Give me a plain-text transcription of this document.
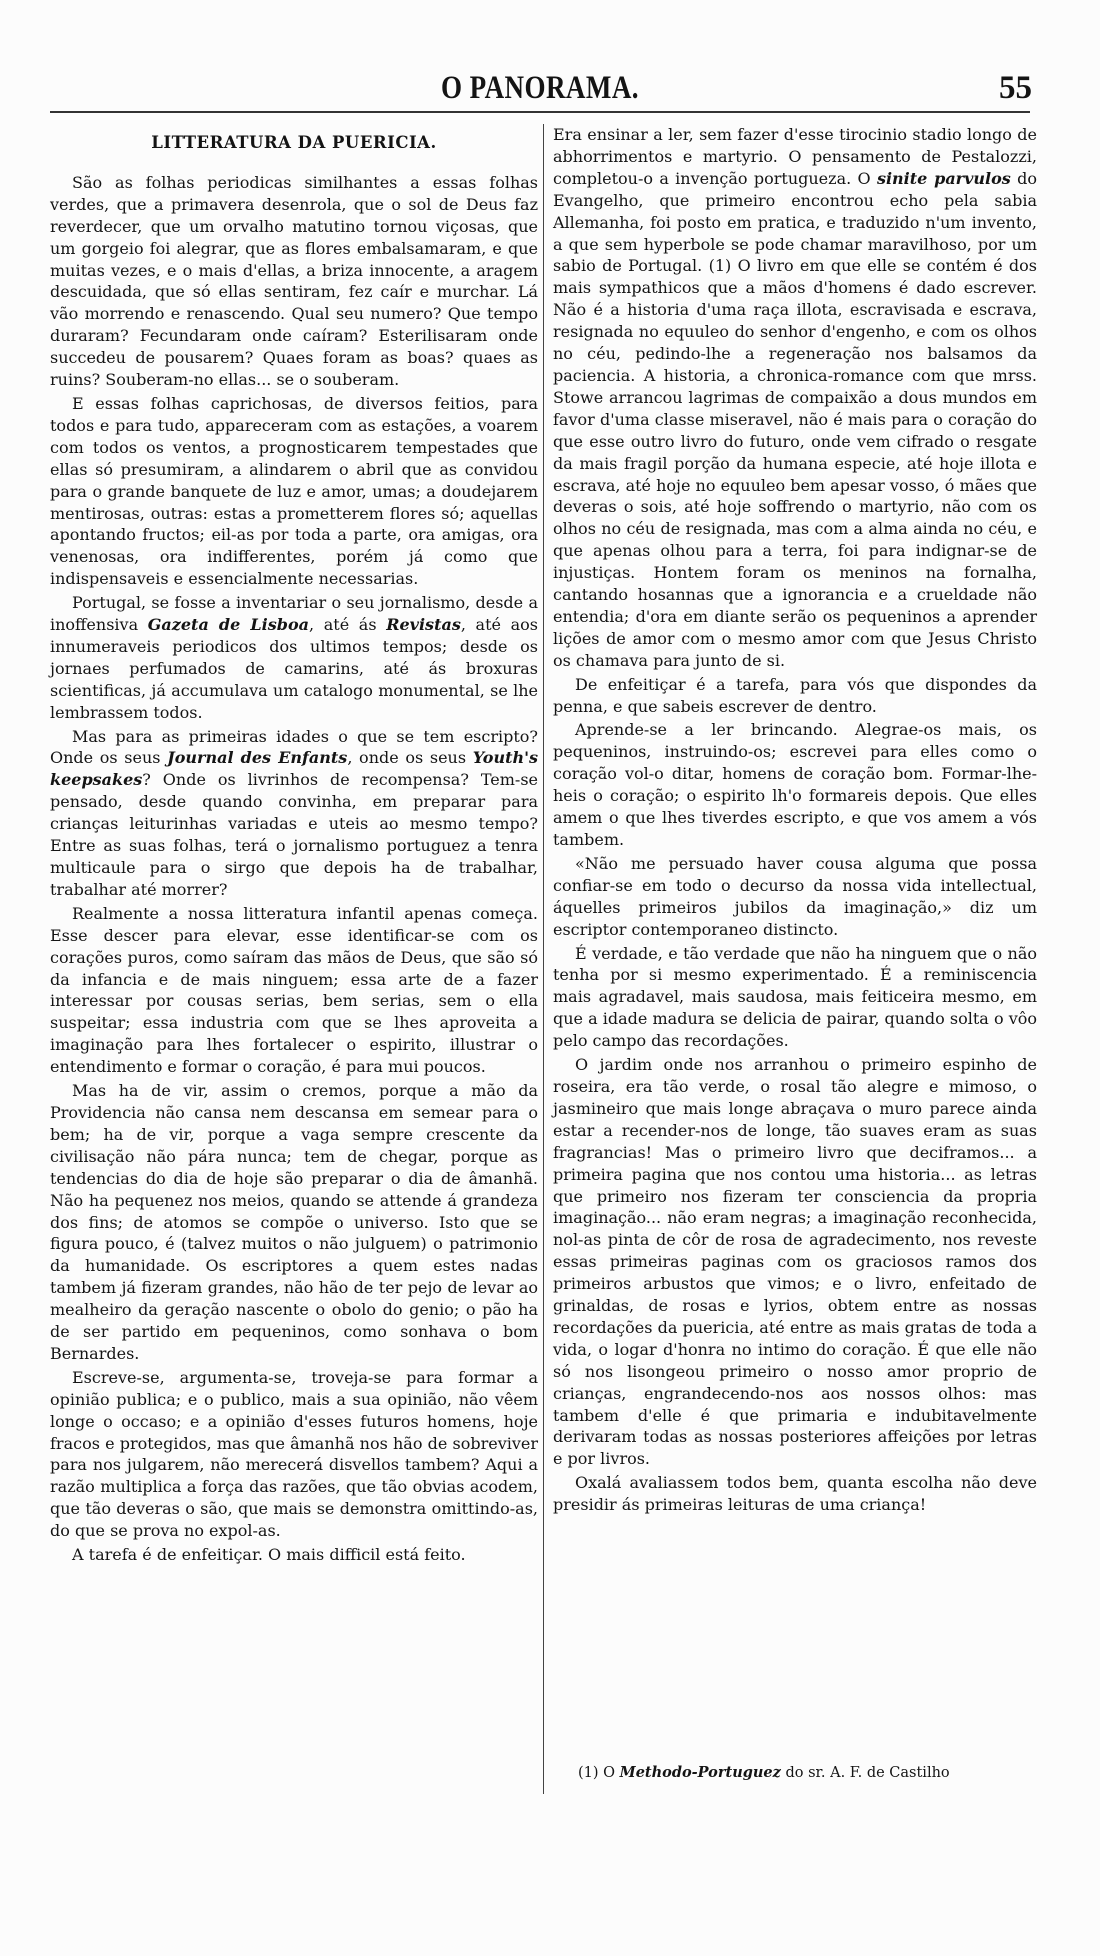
O PANORAMA.	55
LITTERATURA DA PUERICIA.

São as folhas periodicas similhantes a essas folhas verdes, que a primavera desenrola, que o sol de Deus faz reverdecer, que um orvalho matutino tornou viçosas, que um gorgeio foi alegrar, que as flores embalsamaram, e que muitas vezes, e o mais d'ellas, a briza innocente, a aragem descuidada, que só ellas sentiram, fez caír e murchar. Lá vão morrendo e renascendo. Qual seu numero? Que tempo duraram? Fecundaram onde caíram? Esterilisaram onde succedeu de pousarem? Quaes foram as boas? quaes as ruins? Souberam-no ellas... se o souberam.

E essas folhas caprichosas, de diversos feitios, para todos e para tudo, appareceram com as estações, a voarem com todos os ventos, a prognosticarem tempestades que ellas só presumiram, a alindarem o abril que as convidou para o grande banquete de luz e amor, umas; a doudejarem mentirosas, outras: estas a prometterem flores só; aquellas apontando fructos; eil-as por toda a parte, ora amigas, ora venenosas, ora indifferentes, porém já como que indispensaveis e essencialmente necessarias.

Portugal, se fosse a inventariar o seu jornalismo, desde a inoffensiva Gazeta de Lisboa, até ás Revistas, até aos innumeraveis periodicos dos ultimos tempos; desde os jornaes perfumados de camarins, até ás broxuras scientificas, já accumulava um catalogo monumental, se lhe lembrassem todos.

Mas para as primeiras idades o que se tem escripto? Onde os seus Journal des Enfants, onde os seus Youth's keepsakes? Onde os livrinhos de recompensa? Tem-se pensado, desde quando convinha, em preparar para crianças leiturinhas variadas e uteis ao mesmo tempo? Entre as suas folhas, terá o jornalismo portuguez a tenra multicaule para o sirgo que depois ha de trabalhar, trabalhar até morrer?

Realmente a nossa litteratura infantil apenas começa. Esse descer para elevar, esse identificar-se com os corações puros, como saíram das mãos de Deus, que são só da infancia e de mais ninguem; essa arte de a fazer interessar por cousas serias, bem serias, sem o ella suspeitar; essa industria com que se lhes aproveita a imaginação para lhes fortalecer o espirito, illustrar o entendimento e formar o coração, é para mui poucos.

Mas ha de vir, assim o cremos, porque a mão da Providencia não cansa nem descansa em semear para o bem; ha de vir, porque a vaga sempre crescente da civilisação não pára nunca; tem de chegar, porque as tendencias do dia de hoje são preparar o dia de âmanhã. Não ha pequenez nos meios, quando se attende á grandeza dos fins; de atomos se compõe o universo. Isto que se figura pouco, é (talvez muitos o não julguem) o patrimonio da humanidade. Os escriptores a quem estes nadas tambem já fizeram grandes, não hão de ter pejo de levar ao mealheiro da geração nascente o obolo do genio; o pão ha de ser partido em pequeninos, como sonhava o bom Bernardes.

Escreve-se, argumenta-se, troveja-se para formar a opinião publica; e o publico, mais a sua opinião, não vêem longe o occaso; e a opinião d'esses futuros homens, hoje fracos e protegidos, mas que âmanhã nos hão de sobreviver para nos julgarem, não merecerá disvellos tambem? Aqui a razão multiplica a força das razões, que tão obvias acodem, que tão deveras o são, que mais se demonstra omittindo-as, do que se prova no expol-as.

A tarefa é de enfeitiçar. O mais difficil está feito.

Era ensinar a ler, sem fazer d'esse tirocinio stadio longo de abhorrimentos e martyrio. O pensamento de Pestalozzi, completou-o a invenção portugueza. O sinite parvulos do Evangelho, que primeiro encontrou echo pela sabia Allemanha, foi posto em pratica, e traduzido n'um invento, a que sem hyperbole se pode chamar maravilhoso, por um sabio de Portugal. (1) O livro em que elle se contém é dos mais sympathicos que a mãos d'homens é dado escrever. Não é a historia d'uma raça illota, escravisada e escrava, resignada no equuleo do senhor d'engenho, e com os olhos no céu, pedindo-lhe a regeneração nos balsamos da paciencia. A historia, a chronica-romance com que mrss. Stowe arrancou lagrimas de compaixão a dous mundos em favor d'uma classe miseravel, não é mais para o coração do que esse outro livro do futuro, onde vem cifrado o resgate da mais fragil porção da humana especie, até hoje illota e escrava, até hoje no equuleo bem apesar vosso, ó mães que deveras o sois, até hoje soffrendo o martyrio, não com os olhos no céu de resignada, mas com a alma ainda no céu, e que apenas olhou para a terra, foi para indignar-se de injustiças. Hontem foram os meninos na fornalha, cantando hosannas que a ignorancia e a crueldade não entendia; d'ora em diante serão os pequeninos a aprender lições de amor com o mesmo amor com que Jesus Christo os chamava para junto de si.

De enfeitiçar é a tarefa, para vós que dispondes da penna, e que sabeis escrever de dentro.

Aprende-se a ler brincando. Alegrae-os mais, os pequeninos, instruindo-os; escrevei para elles como o coração vol-o ditar, homens de coração bom. Formar-lhe-heis o coração; o espirito lh'o formareis depois. Que elles amem o que lhes tiverdes escripto, e que vos amem a vós tambem.

«Não me persuado haver cousa alguma que possa confiar-se em todo o decurso da nossa vida intellectual, áquelles primeiros jubilos da imaginação,» diz um escriptor contemporaneo distincto.

É verdade, e tão verdade que não ha ninguem que o não tenha por si mesmo experimentado. É a reminiscencia mais agradavel, mais saudosa, mais feiticeira mesmo, em que a idade madura se delicia de pairar, quando solta o vôo pelo campo das recordações.

O jardim onde nos arranhou o primeiro espinho de roseira, era tão verde, o rosal tão alegre e mimoso, o jasmineiro que mais longe abraçava o muro parece ainda estar a recender-nos de longe, tão suaves eram as suas fragrancias! Mas o primeiro livro que deciframos... a primeira pagina que nos contou uma historia... as letras que primeiro nos fizeram ter consciencia da propria imaginação... não eram negras; a imaginação reconhecida, nol-as pinta de côr de rosa de agradecimento, nos reveste essas primeiras paginas com os graciosos ramos dos primeiros arbustos que vimos; e o livro, enfeitado de grinaldas, de rosas e lyrios, obtem entre as nossas recordações da puericia, até entre as mais gratas de toda a vida, o logar d'honra no intimo do coração. É que elle não só nos lisongeou primeiro o nosso amor proprio de crianças, engrandecendo-nos aos nossos olhos: mas tambem d'elle é que primaria e indubitavelmente derivaram todas as nossas posteriores affeições por letras e por livros.

Oxalá avaliassem todos bem, quanta escolha não deve presidir ás primeiras leituras de uma criança!

(1) O Methodo-Portuguez do sr. A. F. de Castilho
